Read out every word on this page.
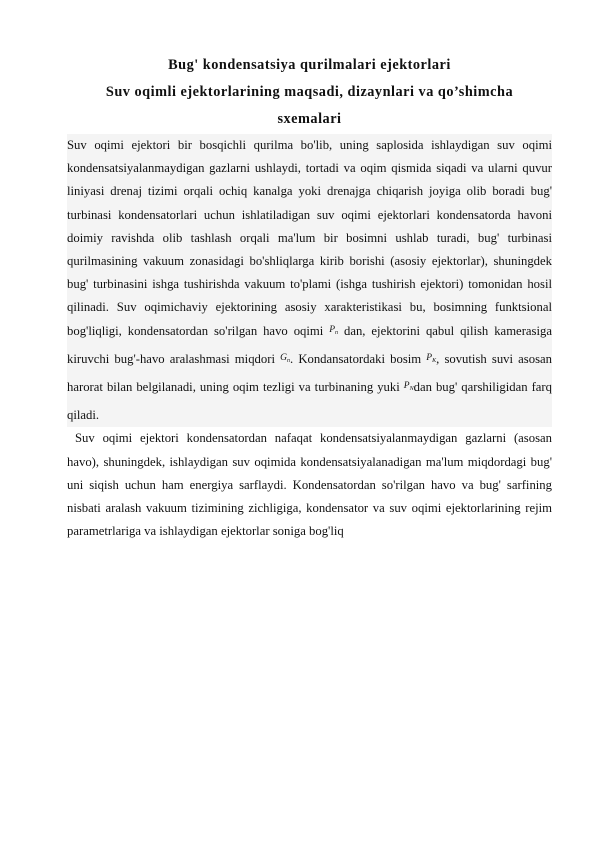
Bug' kondensatsiya qurilmalari ejektorlari
Suv oqimli ejektorlarining maqsadi, dizaynlari va qo’shimcha
sxemalari

Suv oqimi ejektori bir bosqichli qurilma bo'lib, uning saplosida ishlaydigan suv oqimi kondensatsiyalanmaydigan gazlarni ushlaydi, tortadi va oqim qismida siqadi va ularni quvur liniyasi drenaj tizimi orqali ochiq kanalga yoki drenajga chiqarish joyiga olib boradi bug' turbinasi kondensatorlari uchun ishlatiladigan suv oqimi ejektorlari kondensatorda havoni doimiy ravishda olib tashlash orqali ma'lum bir bosimni ushlab turadi, bug' turbinasi qurilmasining vakuum zonasidagi bo'shliqlarga kirib borishi (asosiy ejektorlar), shuningdek bug' turbinasini ishga tushirishda vakuum to'plami (ishga tushirish ejektori) tomonidan hosil qilinadi. Suv oqimichaviy ejektorining asosiy xarakteristikasi bu, bosimning funktsional bog'liqligi, kondensatordan so'rilgan havo oqimi $^{P_n}$ dan, ejektorini qabul qilish kamerasiga kiruvchi bug'-havo aralashmasi miqdori $^{G_n}$. Kondansatordaki bosim $^{P_K}$, sovutish suvi asosan harorat bilan belgilanadi, uning oqim tezligi va turbinaning yuki $^{P_N}$dan bug' qarshiligidan farq qiladi.

Suv oqimi ejektori kondensatordan nafaqat kondensatsiyalanmaydigan gazlarni (asosan havo), shuningdek, ishlaydigan suv oqimida kondensatsiyalanadigan ma'lum miqdordagi bug' uni siqish uchun ham energiya sarflaydi. Kondensatordan so'rilgan havo va bug' sarfining nisbati aralash vakuum tizimining zichligiga, kondensator va suv oqimi ejektorlarining rejim parametrlariga va ishlaydigan ejektorlar soniga bog'liq
